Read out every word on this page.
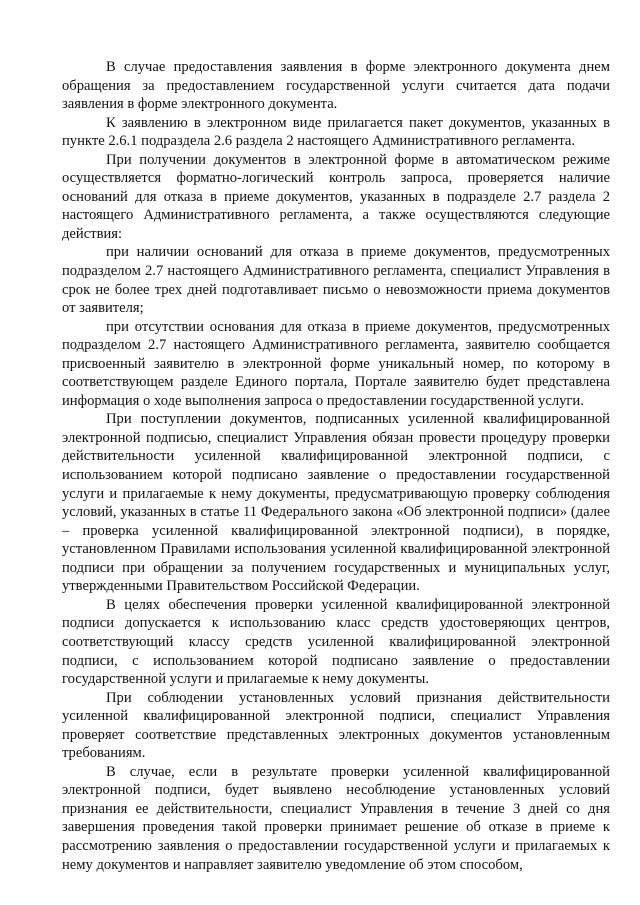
В случае предоставления заявления в форме электронного документа днем обращения за предоставлением государственной услуги считается дата подачи заявления в форме электронного документа.

К заявлению в электронном виде прилагается пакет документов, указанных в пункте 2.6.1 подраздела 2.6 раздела 2 настоящего Административного регламента.

При получении документов в электронной форме в автоматическом режиме осуществляется форматно-логический контроль запроса, проверяется наличие оснований для отказа в приеме документов, указанных в подразделе 2.7 раздела 2 настоящего Административного регламента, а также осуществляются следующие действия:

при наличии оснований для отказа в приеме документов, предусмотренных подразделом 2.7 настоящего Административного регламента, специалист Управления в срок не более трех дней подготавливает письмо о невозможности приема документов от заявителя;

при отсутствии основания для отказа в приеме документов, предусмотренных подразделом 2.7 настоящего Административного регламента, заявителю сообщается присвоенный заявителю в электронной форме уникальный номер, по которому в соответствующем разделе Единого портала, Портале заявителю будет представлена информация о ходе выполнения запроса о предоставлении государственной услуги.

При поступлении документов, подписанных усиленной квалифицированной электронной подписью, специалист Управления обязан провести процедуру проверки действительности усиленной квалифицированной электронной подписи, с использованием которой подписано заявление о предоставлении государственной услуги и прилагаемые к нему документы, предусматривающую проверку соблюдения условий, указанных в статье 11 Федерального закона «Об электронной подписи» (далее – проверка усиленной квалифицированной электронной подписи), в порядке, установленном Правилами использования усиленной квалифицированной электронной подписи при обращении за получением государственных и муниципальных услуг, утвержденными Правительством Российской Федерации.

В целях обеспечения проверки усиленной квалифицированной электронной подписи допускается к использованию класс средств удостоверяющих центров, соответствующий классу средств усиленной квалифицированной электронной подписи, с использованием которой подписано заявление о предоставлении государственной услуги и прилагаемые к нему документы.

При соблюдении установленных условий признания действительности усиленной квалифицированной электронной подписи, специалист Управления проверяет соответствие представленных электронных документов установленным требованиям.

В случае, если в результате проверки усиленной квалифицированной электронной подписи, будет выявлено несоблюдение установленных условий признания ее действительности, специалист Управления в течение 3 дней со дня завершения проведения такой проверки принимает решение об отказе в приеме к рассмотрению заявления о предоставлении государственной услуги и прилагаемых к нему документов и направляет заявителю уведомление об этом способом,
